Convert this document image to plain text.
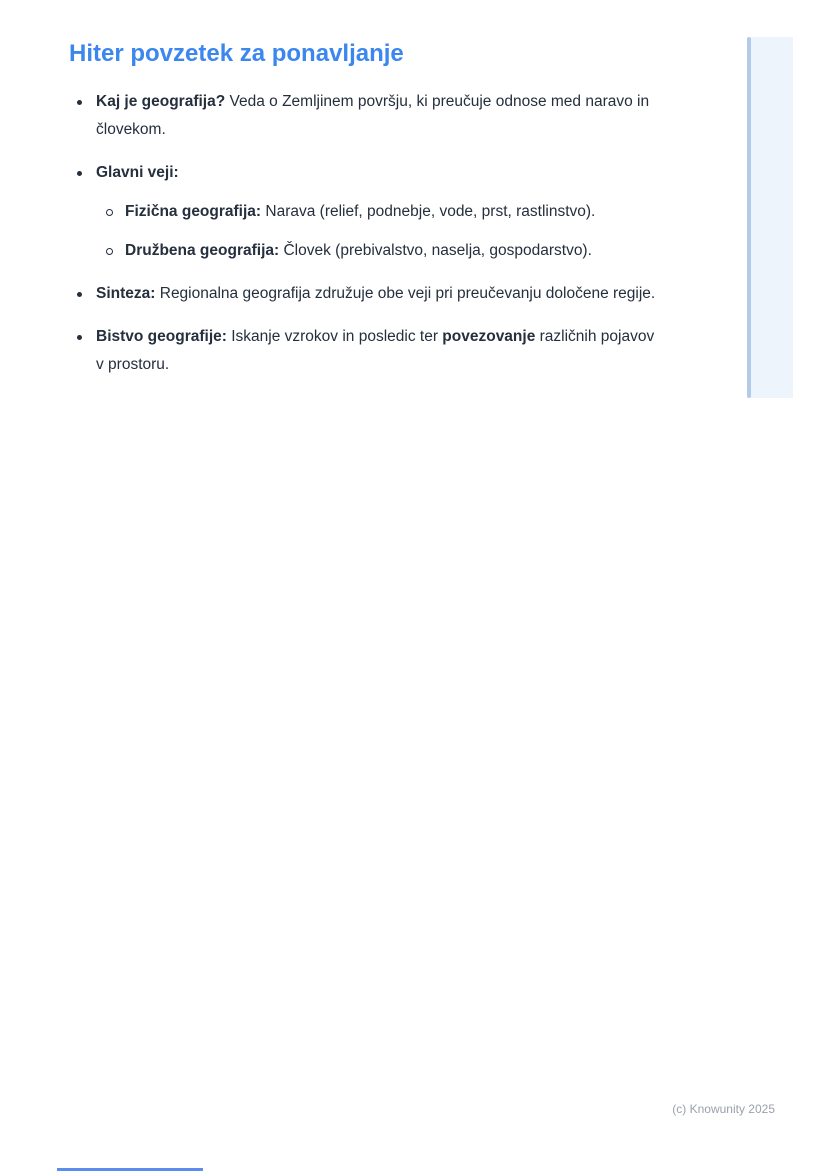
Hiter povzetek za ponavljanje
Kaj je geografija? Veda o Zemljinem površju, ki preučuje odnose med naravo in človekom.
Glavni veji:
Fizična geografija: Narava (relief, podnebje, vode, prst, rastlinstvo).
Družbena geografija: Človek (prebivalstvo, naselja, gospodarstvo).
Sinteza: Regionalna geografija združuje obe veji pri preučevanju določene regije.
Bistvo geografije: Iskanje vzrokov in posledic ter povezovanje različnih pojavov v prostoru.
(c) Knowunity 2025
